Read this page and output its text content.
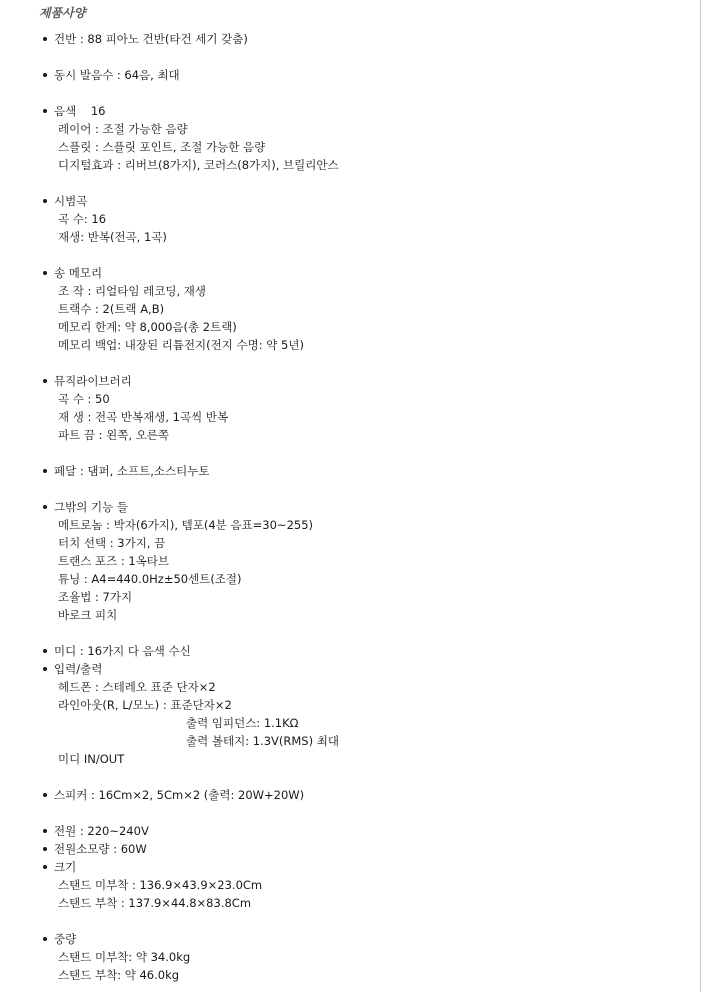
제품사양
건반 : 88 피아노 건반(타건 세기 갖춤)
동시 발음수 : 64음, 최대
음색    16
레이어 : 조절 가능한 음량
스플릿 : 스플릿 포인트, 조절 가능한 음량
디지털효과 : 리버브(8가지), 코러스(8가지), 브릴리안스
시범곡
곡 수: 16
재생: 반복(전곡, 1곡)
송 메모리
조 작 : 리얼타임 레코딩, 재생
트랙수 : 2(트랙 A,B)
메모리 한계: 약 8,000음(총 2트랙)
메모리 백업: 내장된 리튬전지(전지 수명: 약 5년)
뮤직라이브러리
곡 수 : 50
재 생 : 전곡 반복재생, 1곡씩 반복
파트 끔 : 왼쪽, 오른쪽
페달 : 댐퍼, 소프트,소스티누토
그밖의 기능 들
메트로놈 : 박자(6가지), 템포(4분 음표=30~255)
터치 선택 : 3가지, 끔
트랜스 포즈 : 1옥타브
튜닝 : A4=440.0Hz±50센트(조절)
조율법 : 7가지
바로크 피치
미디 : 16가지 다 음색 수신
입력/출력
헤드폰 : 스테레오 표준 단자×2
라인아웃(R, L/모노) : 표준단자×2
출력 임피던스: 1.1KΩ
출력 볼테지: 1.3V(RMS) 최대
미디 IN/OUT
스피커 : 16Cm×2, 5Cm×2 (출력: 20W+20W)
전원 : 220~240V
전원소모량 : 60W
크기
스탠드 미부착 : 136.9×43.9×23.0Cm
스탠드 부착 : 137.9×44.8×83.8Cm
중량
스탠드 미부착: 약 34.0kg
스탠드 부착: 약 46.0kg
